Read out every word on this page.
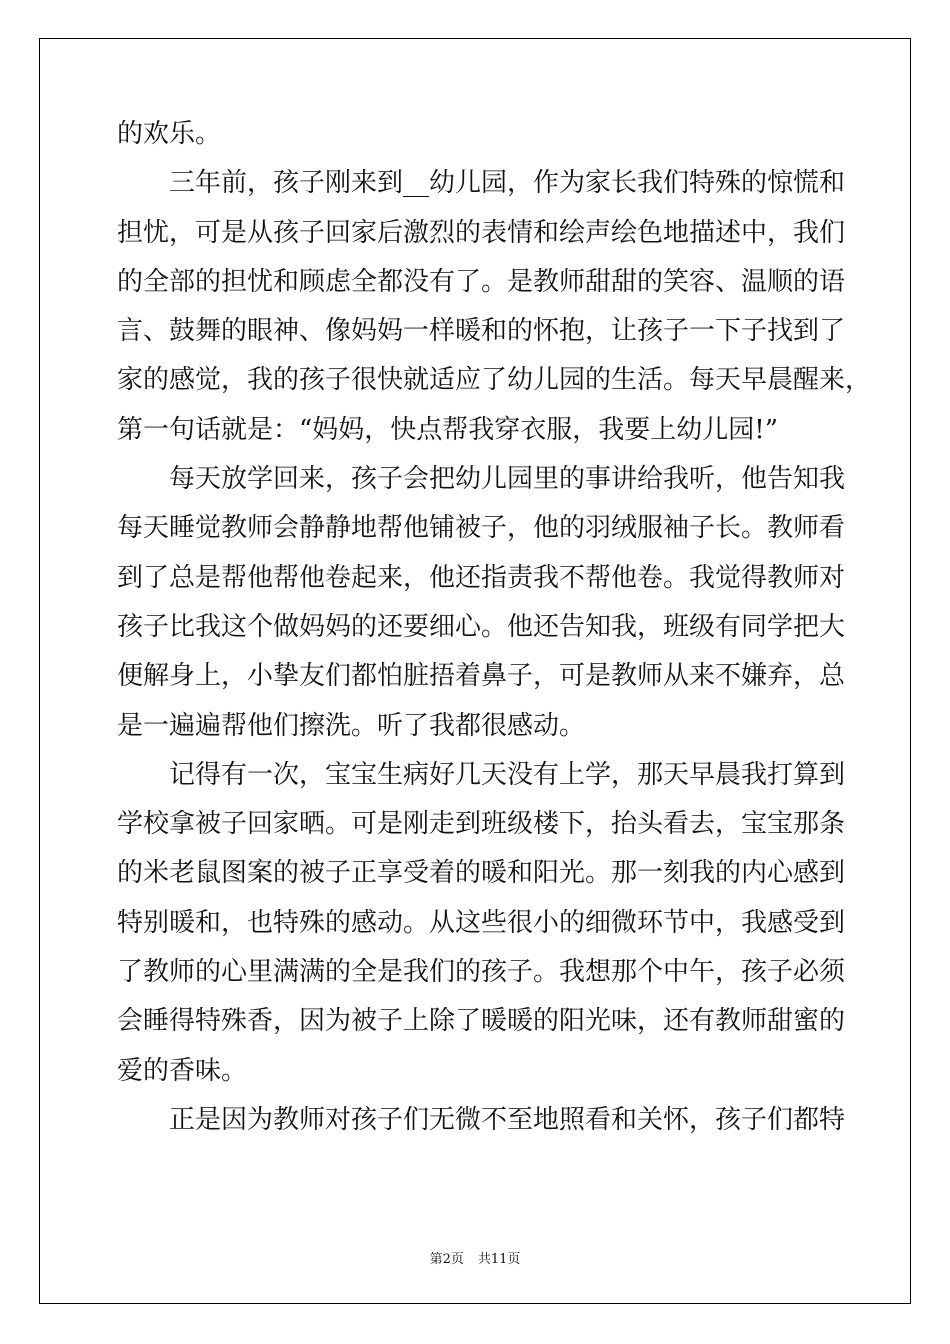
的欢乐。
三年前，孩子刚来到__幼儿园，作为家长我们特殊的惊慌和
担忧，可是从孩子回家后激烈的表情和绘声绘色地描述中，我们
的全部的担忧和顾虑全都没有了。是教师甜甜的笑容、温顺的语
言、鼓舞的眼神、像妈妈一样暖和的怀抱，让孩子一下子找到了
家的感觉，我的孩子很快就适应了幼儿园的生活。每天早晨醒来，
第一句话就是：“妈妈，快点帮我穿衣服，我要上幼儿园!”
每天放学回来，孩子会把幼儿园里的事讲给我听，他告知我
每天睡觉教师会静静地帮他铺被子，他的羽绒服袖子长。教师看
到了总是帮他帮他卷起来，他还指责我不帮他卷。我觉得教师对
孩子比我这个做妈妈的还要细心。他还告知我，班级有同学把大
便解身上，小挚友们都怕脏捂着鼻子，可是教师从来不嫌弃，总
是一遍遍帮他们擦洗。听了我都很感动。
记得有一次，宝宝生病好几天没有上学，那天早晨我打算到
学校拿被子回家晒。可是刚走到班级楼下，抬头看去，宝宝那条
的米老鼠图案的被子正享受着的暖和阳光。那一刻我的内心感到
特别暖和，也特殊的感动。从这些很小的细微环节中，我感受到
了教师的心里满满的全是我们的孩子。我想那个中午，孩子必须
会睡得特殊香，因为被子上除了暖暖的阳光味，还有教师甜蜜的
爱的香味。
正是因为教师对孩子们无微不至地照看和关怀，孩子们都特
第2页 共11页
